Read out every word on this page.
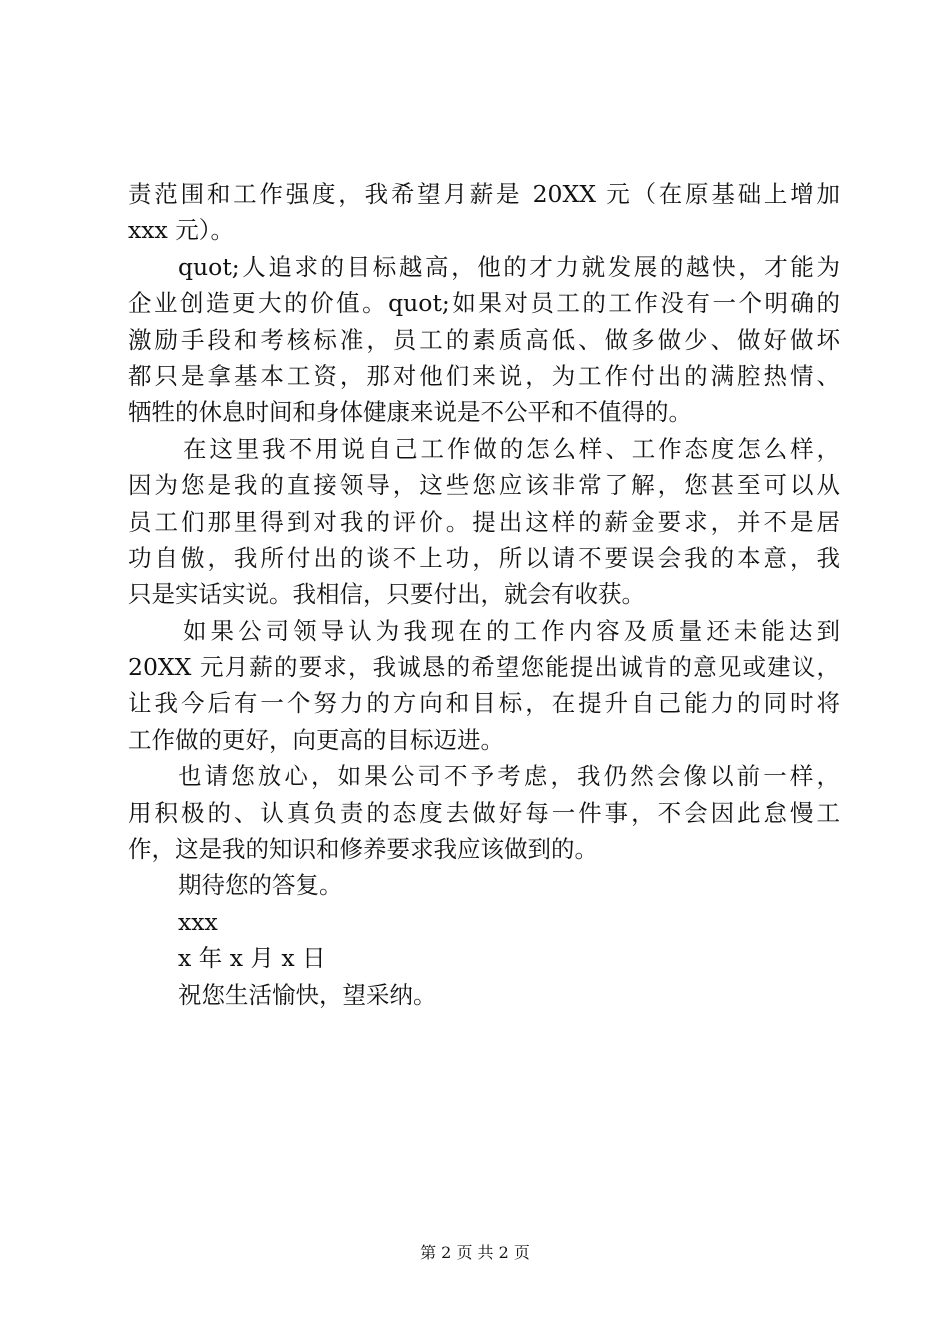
责范围和工作强度，我希望月薪是 20XX 元（在原基础上增加
xxx 元）。
quot;人追求的目标越高，他的才力就发展的越快，才能为
企业创造更大的价值。quot;如果对员工的工作没有一个明确的
激励手段和考核标准，员工的素质高低、做多做少、做好做坏
都只是拿基本工资，那对他们来说，为工作付出的满腔热情、
牺牲的休息时间和身体健康来说是不公平和不值得的。
在这里我不用说自己工作做的怎么样、工作态度怎么样，
因为您是我的直接领导，这些您应该非常了解，您甚至可以从
员工们那里得到对我的评价。提出这样的薪金要求，并不是居
功自傲，我所付出的谈不上功，所以请不要误会我的本意，我
只是实话实说。我相信，只要付出，就会有收获。
如果公司领导认为我现在的工作内容及质量还未能达到
20XX 元月薪的要求，我诚恳的希望您能提出诚肯的意见或建议，
让我今后有一个努力的方向和目标，在提升自己能力的同时将
工作做的更好，向更高的目标迈进。
也请您放心，如果公司不予考虑，我仍然会像以前一样，
用积极的、认真负责的态度去做好每一件事，不会因此怠慢工
作，这是我的知识和修养要求我应该做到的。
期待您的答复。
xxx
x 年 x 月 x 日
祝您生活愉快，望采纳。
第 2 页 共 2 页
